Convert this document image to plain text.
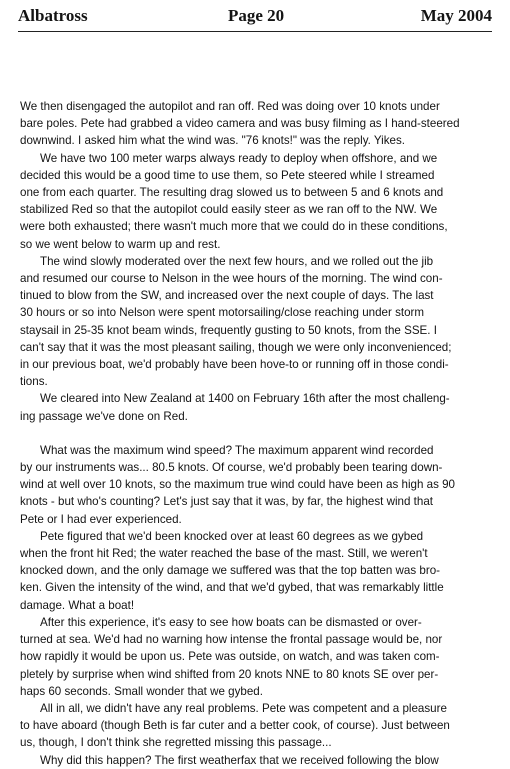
Albatross	Page 20	May 2004
We then disengaged the autopilot and ran off. Red was doing over 10 knots under
bare poles. Pete had grabbed a video camera and was busy filming as I hand-steered
downwind. I asked him what the wind was. "76 knots!" was the reply. Yikes.
We have two 100 meter warps always ready to deploy when offshore, and we
decided this would be a good time to use them, so Pete steered while I streamed
one from each quarter. The resulting drag slowed us to between 5 and 6 knots and
stabilized Red so that the autopilot could easily steer as we ran off to the NW. We
were both exhausted; there wasn't much more that we could do in these conditions,
so we went below to warm up and rest.
The wind slowly moderated over the next few hours, and we rolled out the jib
and resumed our course to Nelson in the wee hours of the morning. The wind con-
tinued to blow from the SW, and increased over the next couple of days. The last
30 hours or so into Nelson were spent motorsailing/close reaching under storm
staysail in 25-35 knot beam winds, frequently gusting to 50 knots, from the SSE. I
can't say that it was the most pleasant sailing, though we were only inconvenienced;
in our previous boat, we'd probably have been hove-to or running off in those condi-
tions.
We cleared into New Zealand at 1400 on February 16th after the most challeng-
ing passage we've done on Red.
What was the maximum wind speed? The maximum apparent wind recorded
by our instruments was... 80.5 knots. Of course, we'd probably been tearing down-
wind at well over 10 knots, so the maximum true wind could have been as high as 90
knots - but who's counting? Let's just say that it was, by far, the highest wind that
Pete or I had ever experienced.
Pete figured that we'd been knocked over at least 60 degrees as we gybed
when the front hit Red; the water reached the base of the mast. Still, we weren't
knocked down, and the only damage we suffered was that the top batten was bro-
ken. Given the intensity of the wind, and that we'd gybed, that was remarkably little
damage. What a boat!
After this experience, it's easy to see how boats can be dismasted or over-
turned at sea. We'd had no warning how intense the frontal passage would be, nor
how rapidly it would be upon us. Pete was outside, on watch, and was taken com-
pletely by surprise when wind shifted from 20 knots NNE to 80 knots SE over per-
haps 60 seconds. Small wonder that we gybed.
All in all, we didn't have any real problems. Pete was competent and a pleasure
to have aboard (though Beth is far cuter and a better cook, of course). Just between
us, though, I don't think she regretted missing this passage...
Why did this happen? The first weatherfax that we received following the blow
